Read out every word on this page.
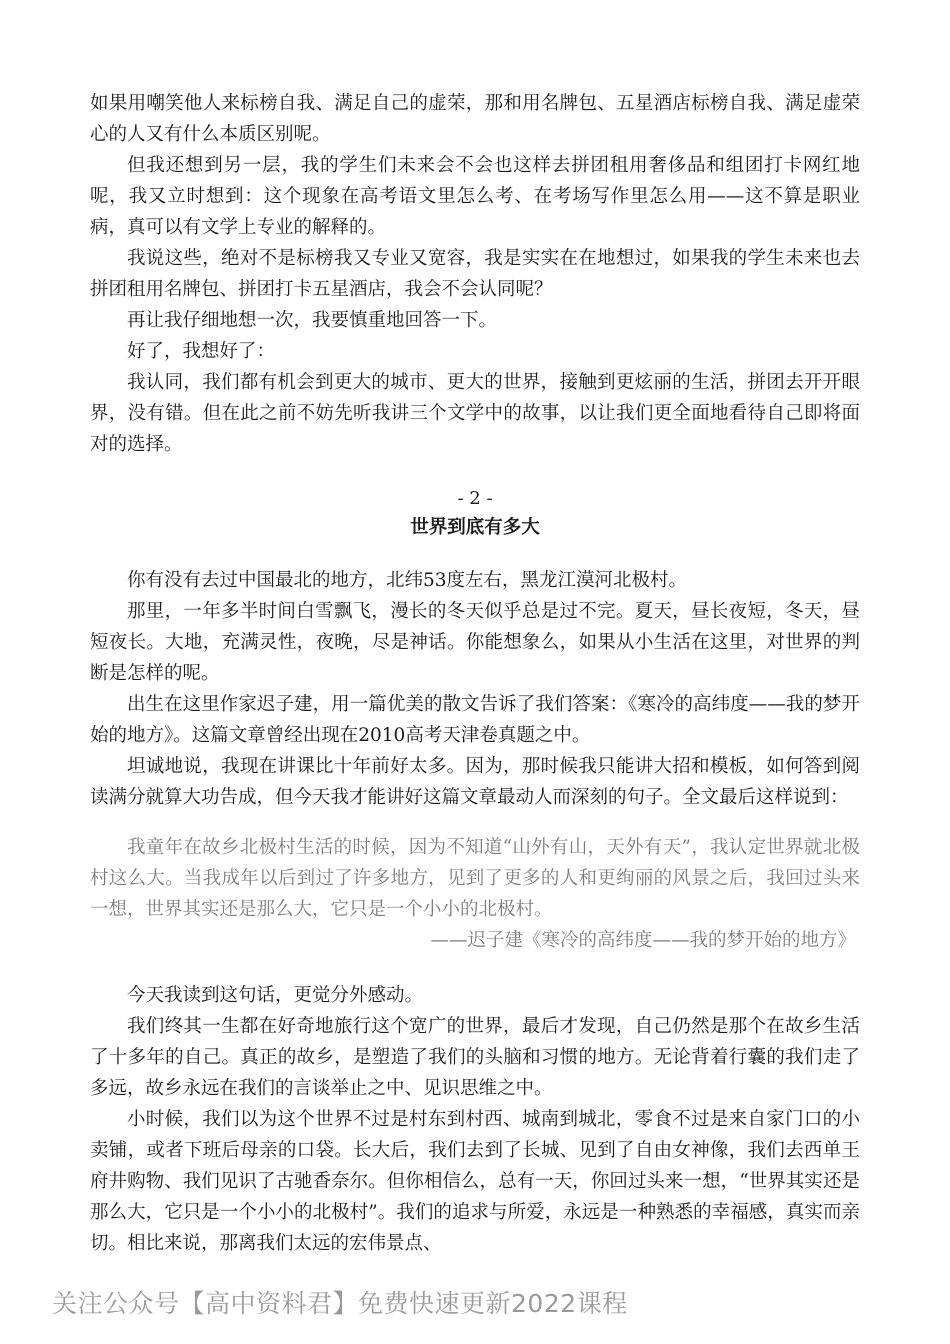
如果用嘲笑他人来标榜自我、满足自己的虚荣，那和用名牌包、五星酒店标榜自我、满足虚荣心的人又有什么本质区别呢。

但我还想到另一层，我的学生们未来会不会也这样去拼团租用奢侈品和组团打卡网红地呢，我又立时想到：这个现象在高考语文里怎么考、在考场写作里怎么用——这不算是职业病，真可以有文学上专业的解释的。

我说这些，绝对不是标榜我又专业又宽容，我是实实在在地想过，如果我的学生未来也去拼团租用名牌包、拼团打卡五星酒店，我会不会认同呢？

再让我仔细地想一次，我要慎重地回答一下。

好了，我想好了：

我认同，我们都有机会到更大的城市、更大的世界，接触到更炫丽的生活，拼团去开开眼界，没有错。但在此之前不妨先听我讲三个文学中的故事，以让我们更全面地看待自己即将面对的选择。

- 2 -
世界到底有多大

你有没有去过中国最北的地方，北纬53度左右，黑龙江漠河北极村。

那里，一年多半时间白雪飘飞，漫长的冬天似乎总是过不完。夏天，昼长夜短，冬天，昼短夜长。大地，充满灵性，夜晚，尽是神话。你能想象么，如果从小生活在这里，对世界的判断是怎样的呢。

出生在这里作家迟子建，用一篇优美的散文告诉了我们答案：《寒冷的高纬度——我的梦开始的地方》。这篇文章曾经出现在2010高考天津卷真题之中。

坦诚地说，我现在讲课比十年前好太多。因为，那时候我只能讲大招和模板，如何答到阅读满分就算大功告成，但今天我才能讲好这篇文章最动人而深刻的句子。全文最后这样说到：

我童年在故乡北极村生活的时候，因为不知道“山外有山，天外有天”，我认定世界就北极村这么大。当我成年以后到过了许多地方，见到了更多的人和更绚丽的风景之后，我回过头来一想，世界其实还是那么大，它只是一个小小的北极村。

——迟子建《寒冷的高纬度——我的梦开始的地方》

今天我读到这句话，更觉分外感动。

我们终其一生都在好奇地旅行这个宽广的世界，最后才发现，自己仍然是那个在故乡生活了十多年的自己。真正的故乡，是塑造了我们的头脑和习惯的地方。无论背着行囊的我们走了多远，故乡永远在我们的言谈举止之中、见识思维之中。

小时候，我们以为这个世界不过是村东到村西、城南到城北，零食不过是来自家门口的小卖铺，或者下班后母亲的口袋。长大后，我们去到了长城、见到了自由女神像，我们去西单王府井购物、我们见识了古驰香奈尔。但你相信么，总有一天，你回过头来一想，“世界其实还是那么大，它只是一个小小的北极村”。我们的追求与所爱，永远是一种熟悉的幸福感，真实而亲切。相比来说，那离我们太远的宏伟景点、

关注公众号【高中资料君】免费快速更新2022课程
